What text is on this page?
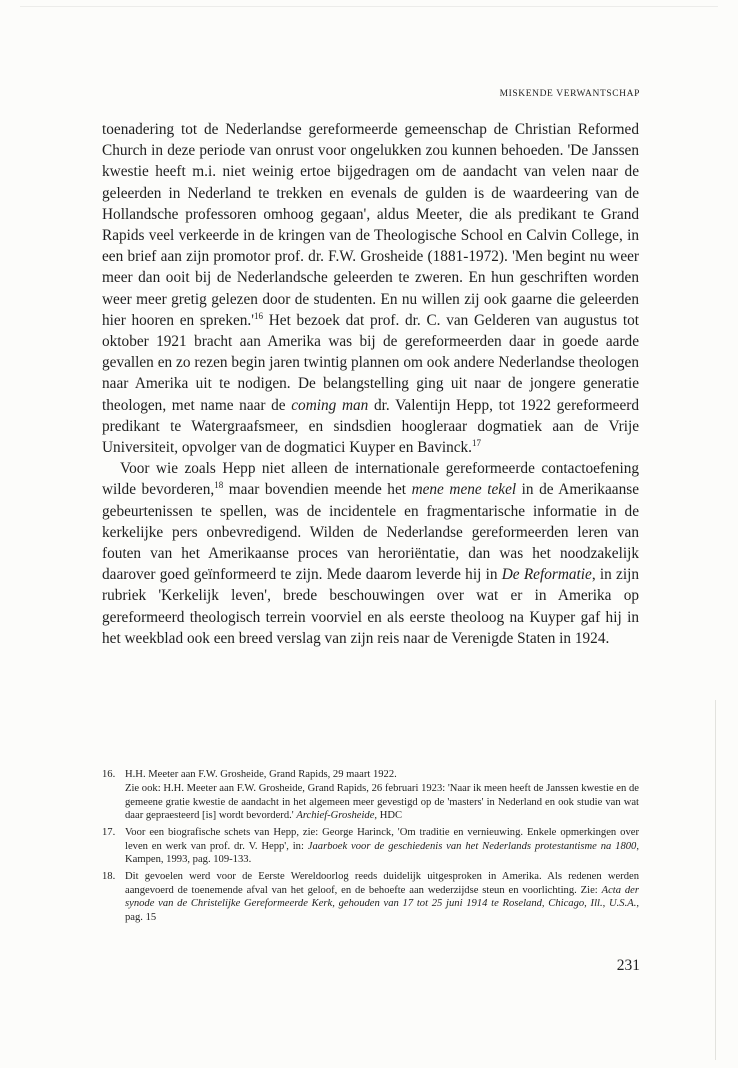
MISKENDE VERWANTSCHAP

toenadering tot de Nederlandse gereformeerde gemeenschap de Christian Reformed Church in deze periode van onrust voor ongelukken zou kunnen behoeden. 'De Janssen kwestie heeft m.i. niet weinig ertoe bijgedragen om de aandacht van velen naar de geleerden in Nederland te trekken en evenals de gulden is de waardeering van de Hollandsche professoren omhoog gegaan', aldus Meeter, die als predikant te Grand Rapids veel verkeerde in de kringen van de Theologische School en Calvin College, in een brief aan zijn promotor prof. dr. F.W. Grosheide (1881-1972). 'Men begint nu weer meer dan ooit bij de Nederlandsche geleerden te zweren. En hun geschriften worden weer meer gretig gelezen door de studenten. En nu willen zij ook gaarne die geleerden hier hooren en $spreken.'^{16}$ Het bezoek dat prof. dr. C. van Gelderen van augustus tot oktober 1921 bracht aan Amerika was bij de gereformeerden daar in goede aarde gevallen en zo rezen begin jaren twintig plannen om ook andere Nederlandse theologen naar Amerika uit te nodigen. De belangstelling ging uit naar de jongere generatie theologen, met name naar de coming man dr. Valentijn Hepp, tot 1922 gereformeerd predikant te Watergraafsmeer, en sindsdien hoogleraar dogmatiek aan de Vrije Universiteit, opvolger van de dogmatici Kuyper en Bavinck.$^{17}$

Voor wie zoals Hepp niet alleen de internationale gereformeerde contactoefening wilde bevorderen,$^{18}$ maar bovendien meende het mene mene tekel in de Amerikaanse gebeurtenissen te spellen, was de incidentele en fragmentarische informatie in de kerkelijke pers onbevredigend. Wilden de Nederlandse gereformeerden leren van fouten van het Amerikaanse proces van heroriëntatie, dan was het noodzakelijk daarover goed geïnformeerd te zijn. Mede daarom leverde hij in De Reformatie, in zijn rubriek 'Kerkelijk leven', brede beschouwingen over wat er in Amerika op gereformeerd theologisch terrein voorviel en als eerste theoloog na Kuyper gaf hij in het weekblad ook een breed verslag van zijn reis naar de Verenigde Staten in 1924.

16. H.H. Meeter aan F.W. Grosheide, Grand Rapids, 29 maart 1922.
Zie ook: H.H. Meeter aan F.W. Grosheide, Grand Rapids, 26 februari 1923: 'Naar ik meen heeft de Janssen kwestie en de gemeene gratie kwestie de aandacht in het algemeen meer gevestigd op de 'masters' in Nederland en ook studie van wat daar gepraesteerd [is] wordt bevorderd.' Archief-Grosheide, HDC
17. Voor een biografische schets van Hepp, zie: George Harinck, 'Om traditie en vernieuwing. Enkele opmerkingen over leven en werk van prof. dr. V. Hepp', in: Jaarboek voor de geschiedenis van het Nederlands protestantisme na 1800, Kampen, 1993, pag. 109-133.
18. Dit gevoelen werd voor de Eerste Wereldoorlog reeds duidelijk uitgesproken in Amerika. Als redenen werden aangevoerd de toenemende afval van het geloof, en de behoefte aan wederzijdse steun en voorlichting. Zie: Acta der synode van de Christelijke Gereformeerde Kerk, gehouden van 17 tot 25 juni 1914 te Roseland, Chicago, Ill., U.S.A., pag. 15
231
